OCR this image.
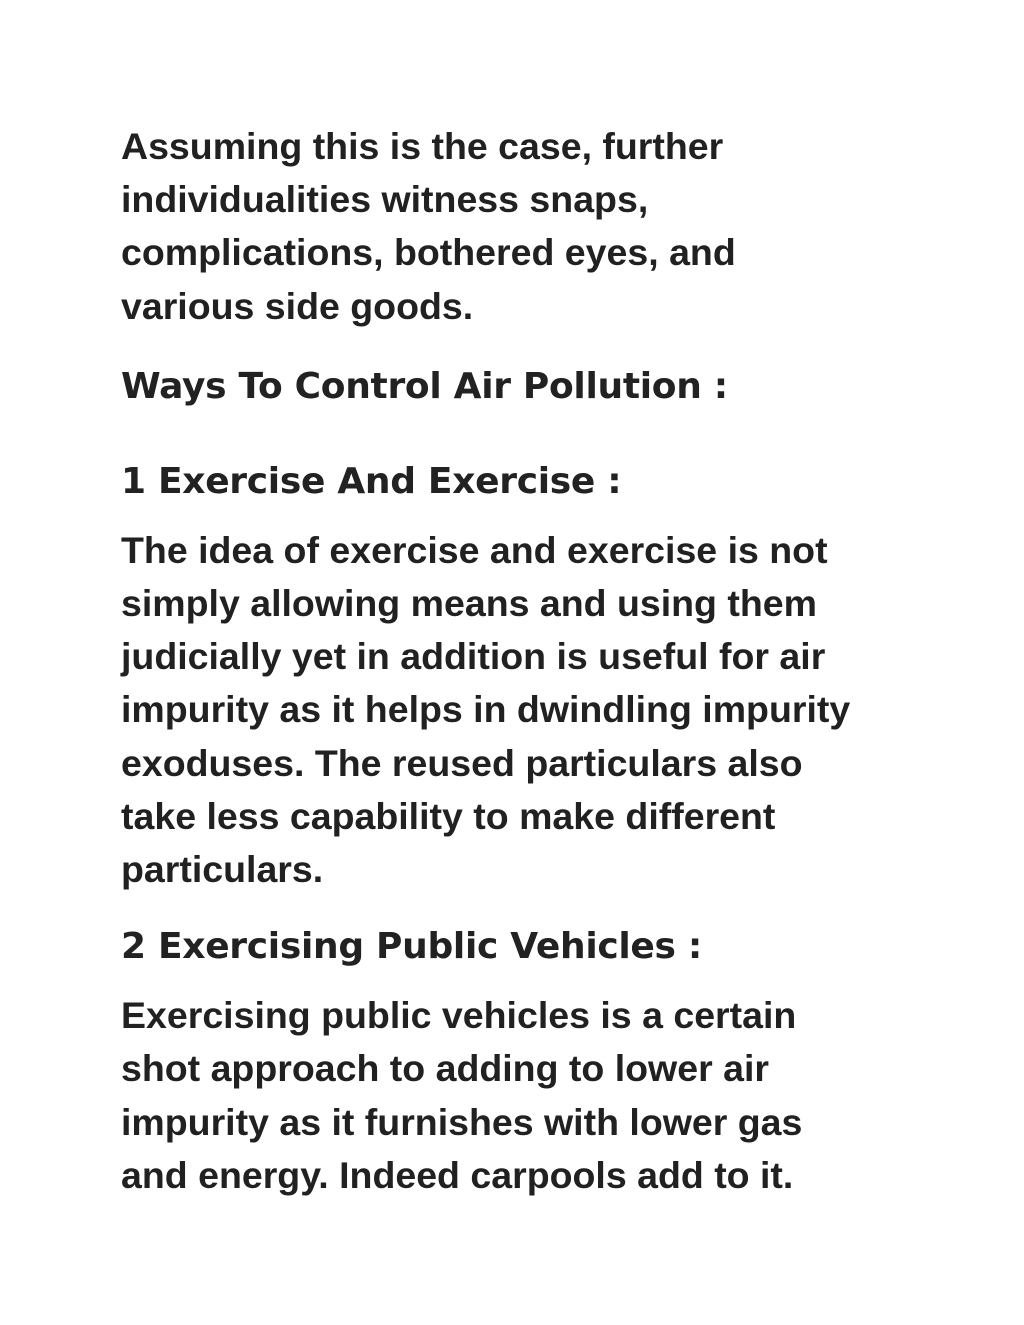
Assuming this is the case, further
individualities witness snaps,
complications, bothered eyes, and
various side goods.
Ways To Control Air Pollution :
1 Exercise And Exercise :
The idea of exercise and exercise is not
simply allowing means and using them
judicially yet in addition is useful for air
impurity as it helps in dwindling impurity
exoduses. The reused particulars also
take less capability to make different
particulars.
2 Exercising Public Vehicles :
Exercising public vehicles is a certain
shot approach to adding to lower air
impurity as it furnishes with lower gas
and energy. Indeed carpools add to it.
